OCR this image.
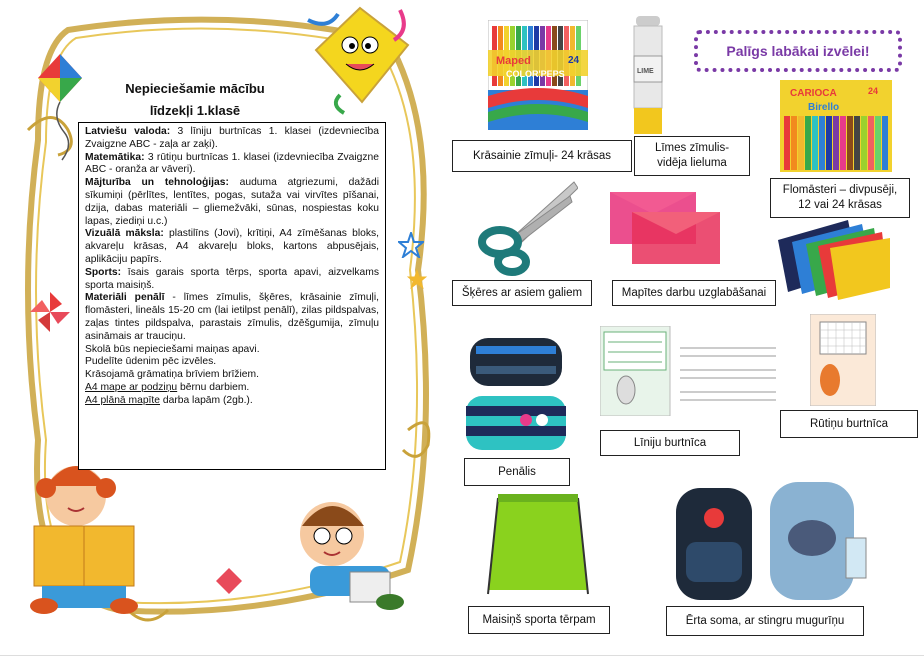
Nepieciešamie mācību
līdzekļi 1.klasē

Latviešu valoda: 3 līniju burtnīcas 1. klasei (izdevniecība Zvaigzne ABC - zaļa ar zaķi).

Matemātika: 3 rūtiņu burtnīcas 1. klasei (izdevniecība Zvaigzne ABC - oranža ar vāveri).

Mājturība un tehnoloģijas: auduma atgriezumi, dažādi sīkumiņi (pērlītes, lentītes, pogas, sutaža vai virvītes pīšanai, dzija, dabas materiāli – gliemežvāki, sūnas, nospiestas koku lapas, ziediņi u.c.)

Vizuālā māksla: plastilīns (Jovi), krītiņi, A4 zīmēšanas bloks, akvareļu krāsas, A4 akvareļu bloks, kartons abpusējais, aplikāciju papīrs.

Sports: īsais garais sporta tērps, sporta apavi, aizvelkams sporta maisiņš.

Materiāli penālī - līmes zīmulis, šķēres, krāsainie zīmuļi, flomāsteri, lineāls 15-20 cm (lai ietilpst penālī), zilas pildspalvas, zaļas tintes pildspalva, parastais zīmulis, dzēšgumija, zīmuļu asināmais ar trauciņu.

Skolā būs nepieciešami maiņas apavi.

Pudelīte ūdenim pēc izvēles.

Krāsojamā grāmatiņa brīviem brīžiem.

A4 mape ar podziņu bērnu darbiem.

A4 plānā mapīte darba lapām (2gb.).

Palīgs labākai izvēlei!
Maped
COLOR'PEPS
24
LIME
CARIOCA
Birello
24
Krāsainie zīmuļi- 24 krāsas
Līmes zīmulis-
vidēja lieluma
Flomāsteri – divpusēji,
12 vai 24 krāsas
Šķēres ar asiem galiem	Mapītes darbu uzglabāšanai
Līniju burtnīca
Rūtiņu burtnīca
Penālis
Maisiņš sporta tērpam	Ērta soma, ar stingru mugurīņu
